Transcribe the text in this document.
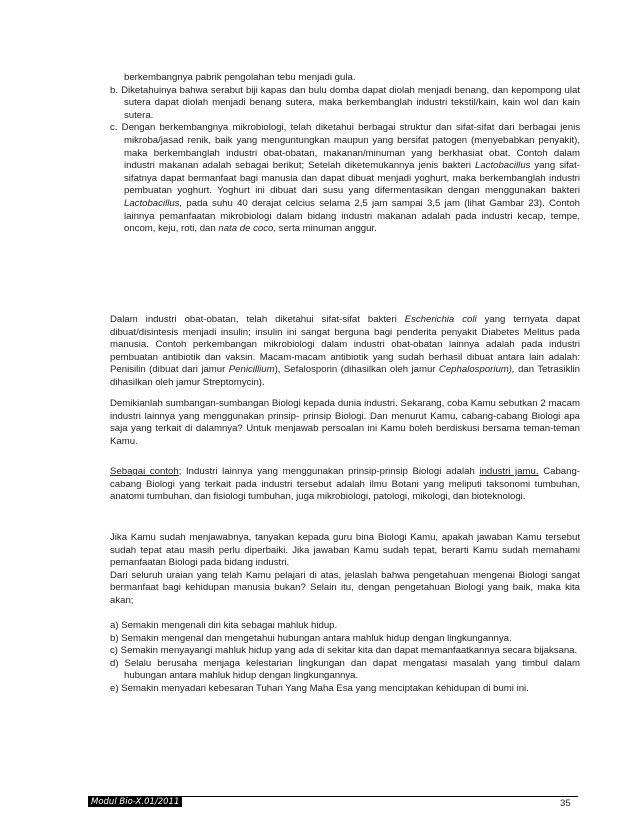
berkembangnya pabrik pengolahan tebu menjadi gula.

b. Diketahuinya bahwa serabut biji kapas dan bulu domba dapat diolah menjadi benang, dan kepompong ulat sutera dapat diolah menjadi benang sutera, maka berkembanglah industri tekstil/kain, kain wol dan kain sutera.

c. Dengan berkembangnya mikrobiologi, telah diketahui berbagai struktur dan sifat-sifat dari berbagai jenis mikroba/jasad renik, baik yang menguntungkan maupun yang bersifat patogen (menyebabkan penyakit), maka berkembanglah industri obat-obatan, makanan/minuman yang berkhasiat obat. Contoh dalam industri makanan adalah sebagai berikut; Setelah diketemukannya jenis bakteri Lactobacillus yang sifat-sifatnya dapat bermanfaat bagi manusia dan dapat dibuat menjadi yoghurt, maka berkembanglah industri pembuatan yoghurt. Yoghurt ini dibuat dari susu yang difermentasikan dengan menggunakan bakteri Lactobacillus, pada suhu 40 derajat celcius selama 2,5 jam sampai 3,5 jam (lihat Gambar 23). Contoh lainnya pemanfaatan mikrobiologi dalam bidang industri makanan adalah pada industri kecap, tempe, oncom, keju, roti, dan nata de coco, serta minuman anggur.

Dalam industri obat-obatan, telah diketahui sifat-sifat bakteri Escherichia coli yang ternyata dapat dibuat/disintesis menjadi insulin; insulin ini sangat berguna bagi penderita penyakit Diabetes Melitus pada manusia. Contoh perkembangan mikrobiologi dalam industri obat-obatan lainnya adalah pada industri pembuatan antibiotik dan vaksin. Macam-macam antibiotik yang sudah berhasil dibuat antara lain adalah: Penisilin (dibuat dari jamur Penicillium), Sefalosporin (dihasilkan oleh jamur Cephalosporium), dan Tetrasiklin dihasilkan oleh jamur Streptomycin).

Demikianlah sumbangan-sumbangan Biologi kepada dunia industri. Sekarang, coba Kamu sebutkan 2 macam industri lainnya yang menggunakan prinsip- prinsip Biologi. Dan menurut Kamu, cabang-cabang Biologi apa saja yang terkait di dalamnya? Untuk menjawab persoalan ini Kamu boleh berdiskusi bersama teman-teman Kamu.

Sebagai contoh; Industri lainnya yang menggunakan prinsip-prinsip Biologi adalah industri jamu. Cabang-cabang Biologi yang terkait pada industri tersebut adalah ilmu Botani yang meliputi taksonomi tumbuhan, anatomi tumbuhan, dan fisiologi tumbuhan, juga mikrobiologi, patologi, mikologi, dan bioteknologi.

Jika Kamu sudah menjawabnya, tanyakan kepada guru bina Biologi Kamu, apakah jawaban Kamu tersebut sudah tepat atau masih perlu diperbaiki. Jika jawaban Kamu sudah tepat, berarti Kamu sudah memahami pemanfaatan Biologi pada bidang industri.

Dari seluruh uraian yang telah Kamu pelajari di atas, jelaslah bahwa pengetahuan mengenai Biologi sangat bermanfaat bagi kehidupan manusia bukan? Selain itu, dengan pengetahuan Biologi yang baik, maka kita akan;

a) Semakin mengenali diri kita sebagai mahluk hidup.

b) Semakin mengenal dan mengetahui hubungan antara mahluk hidup dengan lingkungannya.

c) Semakin menyayangi mahluk hidup yang ada di sekitar kita dan dapat memanfaatkannya secara bijaksana.

d) Selalu berusaha menjaga kelestarian lingkungan dan dapat mengatasi masalah yang timbul dalam hubungan antara mahluk hidup dengan lingkungannya.

e) Semakin menyadari kebesaran Tuhan Yang Maha Esa yang menciptakan kehidupan di bumi ini.

Modul Bio-X.01/2011	35
